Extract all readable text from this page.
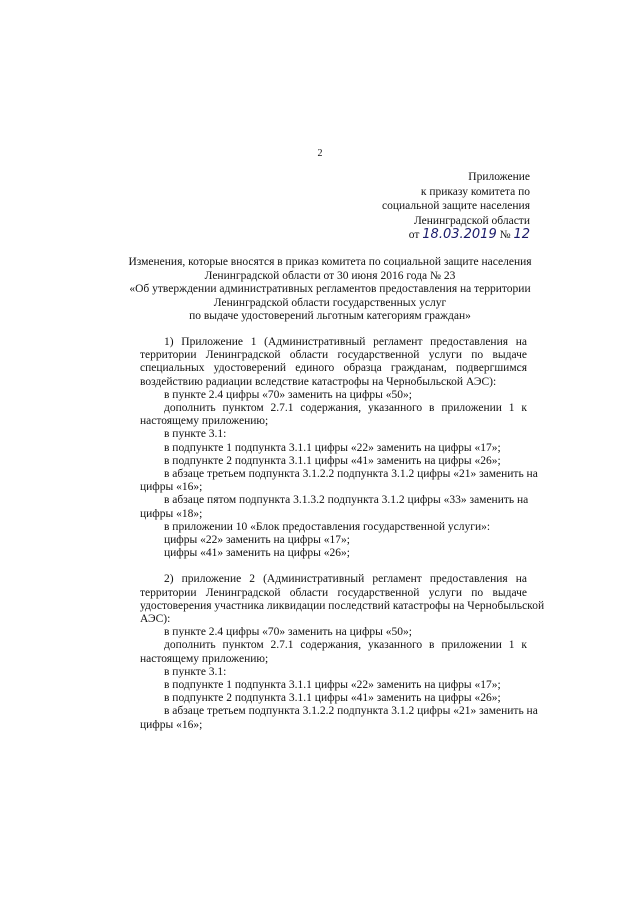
2
Приложение
к приказу комитета по
социальной защите населения
Ленинградской области
от 18.03.2019 № 12
Изменения, которые вносятся в приказ комитета по социальной защите населения
Ленинградской области от 30 июня 2016 года № 23
«Об утверждении административных регламентов предоставления на территории
Ленинградской области государственных услуг
по выдаче удостоверений льготным категориям граждан»

1) Приложение 1 (Административный регламент предоставления на

территории Ленинградской области государственной услуги по выдаче

специальных удостоверений единого образца гражданам, подвергшимся

воздействию радиации вследствие катастрофы на Чернобыльской АЭС):

в пункте 2.4 цифры «70» заменить на цифры «50»;

дополнить пунктом 2.7.1 содержания, указанного в приложении 1 к

настоящему приложению;

в пункте 3.1:

в подпункте 1 подпункта 3.1.1 цифры «22» заменить на цифры «17»;

в подпункте 2 подпункта 3.1.1 цифры «41» заменить на цифры «26»;

в абзаце третьем подпункта 3.1.2.2 подпункта 3.1.2 цифры «21» заменить на

цифры «16»;

в абзаце пятом подпункта 3.1.3.2 подпункта 3.1.2 цифры «33» заменить на

цифры «18»;

в приложении 10 «Блок предоставления государственной услуги»:

цифры «22» заменить на цифры «17»;

цифры «41» заменить на цифры «26»;

2) приложение 2 (Административный регламент предоставления на

территории Ленинградской области государственной услуги по выдаче

удостоверения участника ликвидации последствий катастрофы на Чернобыльской

АЭС):

в пункте 2.4 цифры «70» заменить на цифры «50»;

дополнить пунктом 2.7.1 содержания, указанного в приложении 1 к

настоящему приложению;

в пункте 3.1:

в подпункте 1 подпункта 3.1.1 цифры «22» заменить на цифры «17»;

в подпункте 2 подпункта 3.1.1 цифры «41» заменить на цифры «26»;

в абзаце третьем подпункта 3.1.2.2 подпункта 3.1.2 цифры «21» заменить на

цифры «16»;
